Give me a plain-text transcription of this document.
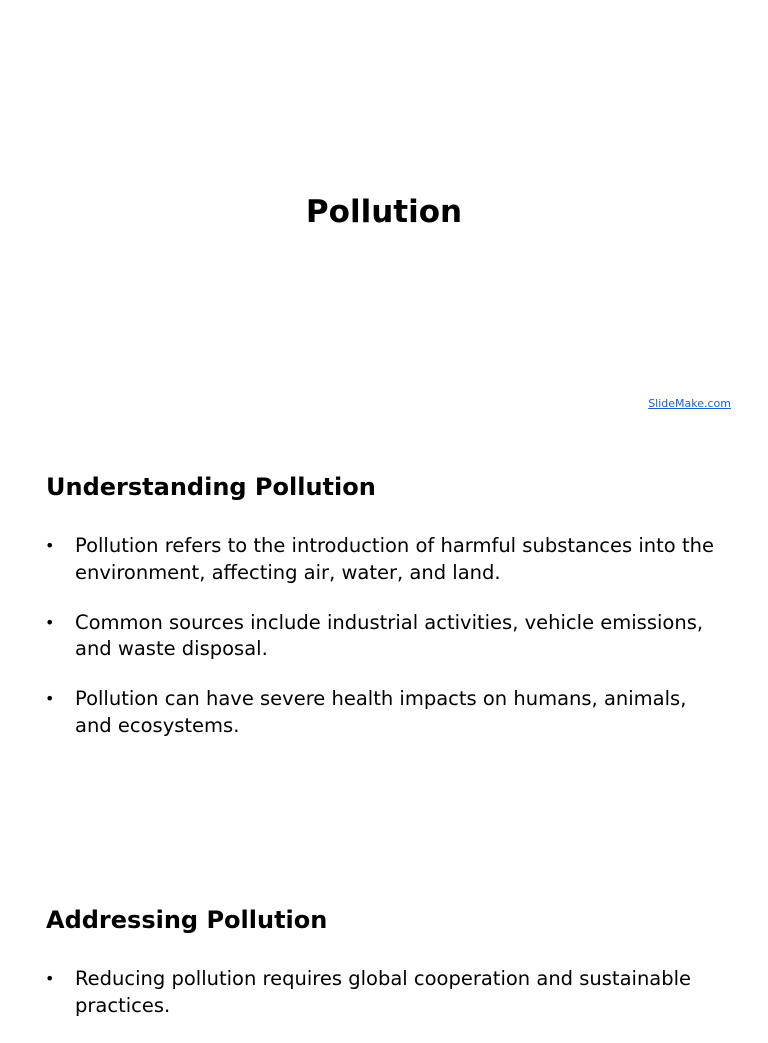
Pollution
SlideMake.com
Understanding Pollution
• Pollution refers to the introduction of harmful substances into the environment, affecting air, water, and land.
• Common sources include industrial activities, vehicle emissions, and waste disposal.
• Pollution can have severe health impacts on humans, animals, and ecosystems.
Addressing Pollution
• Reducing pollution requires global cooperation and sustainable practices.
